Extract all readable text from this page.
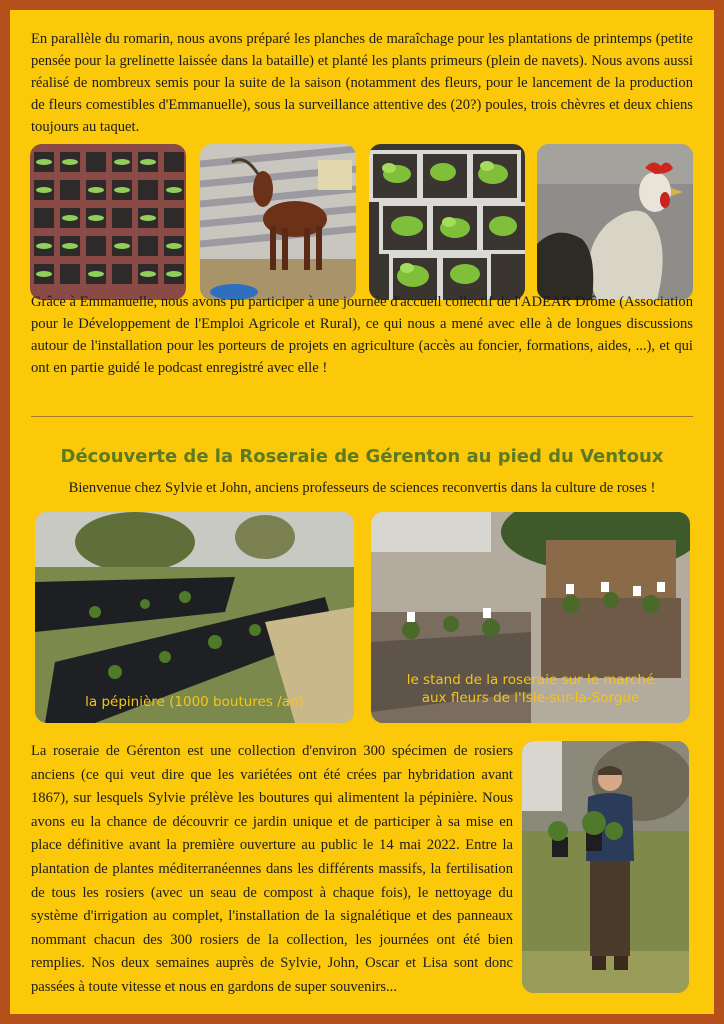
En parallèle du romarin, nous avons préparé les planches de maraîchage pour les plantations de printemps (petite pensée pour la grelinette laissée dans la bataille) et planté les plants primeurs (plein de navets). Nous avons aussi réalisé de nombreux semis pour la suite de la saison (notamment des fleurs, pour le lancement de la production de fleurs comestibles d'Emmanuelle), sous la surveillance attentive des (20?) poules, trois chèvres et deux chiens toujours au taquet.

Grâce à Emmanuelle, nous avons pu participer à une journée d'accueil collectif de l'ADEAR Drôme (Association pour le Développement de l'Emploi Agricole et Rural), ce qui nous a mené avec elle à de longues discussions autour de l'installation pour les porteurs de projets en agriculture (accès au foncier, formations, aides, ...), et qui ont en partie guidé le podcast enregistré avec elle !

Découverte de la Roseraie de Gérenton au pied du Ventoux

Bienvenue chez Sylvie et John, anciens professeurs de sciences reconvertis dans la culture de roses !

la pépinière (1000 boutures /an)
le stand de la roseraie sur le marché
aux fleurs de l'Isle-sur-la-Sorgue

La roseraie de Gérenton est une collection d'environ 300 spécimen de rosiers anciens (ce qui veut dire que les variétées ont été crées par hybridation avant 1867), sur lesquels Sylvie prélève les boutures qui alimentent la pépinière. Nous avons eu la chance de découvrir ce jardin unique et de participer à sa mise en place définitive avant la première ouverture au public le 14 mai 2022. Entre la plantation de plantes méditerranéennes dans les différents massifs, la fertilisation de tous les rosiers (avec un seau de compost à chaque fois), le nettoyage du système d'irrigation au complet, l'installation de la signalétique et des panneaux nommant chacun des 300 rosiers de la collection, les journées ont été bien remplies. Nos deux semaines auprès de Sylvie, John, Oscar et Lisa sont donc passées à toute vitesse et nous en gardons de super souvenirs...
